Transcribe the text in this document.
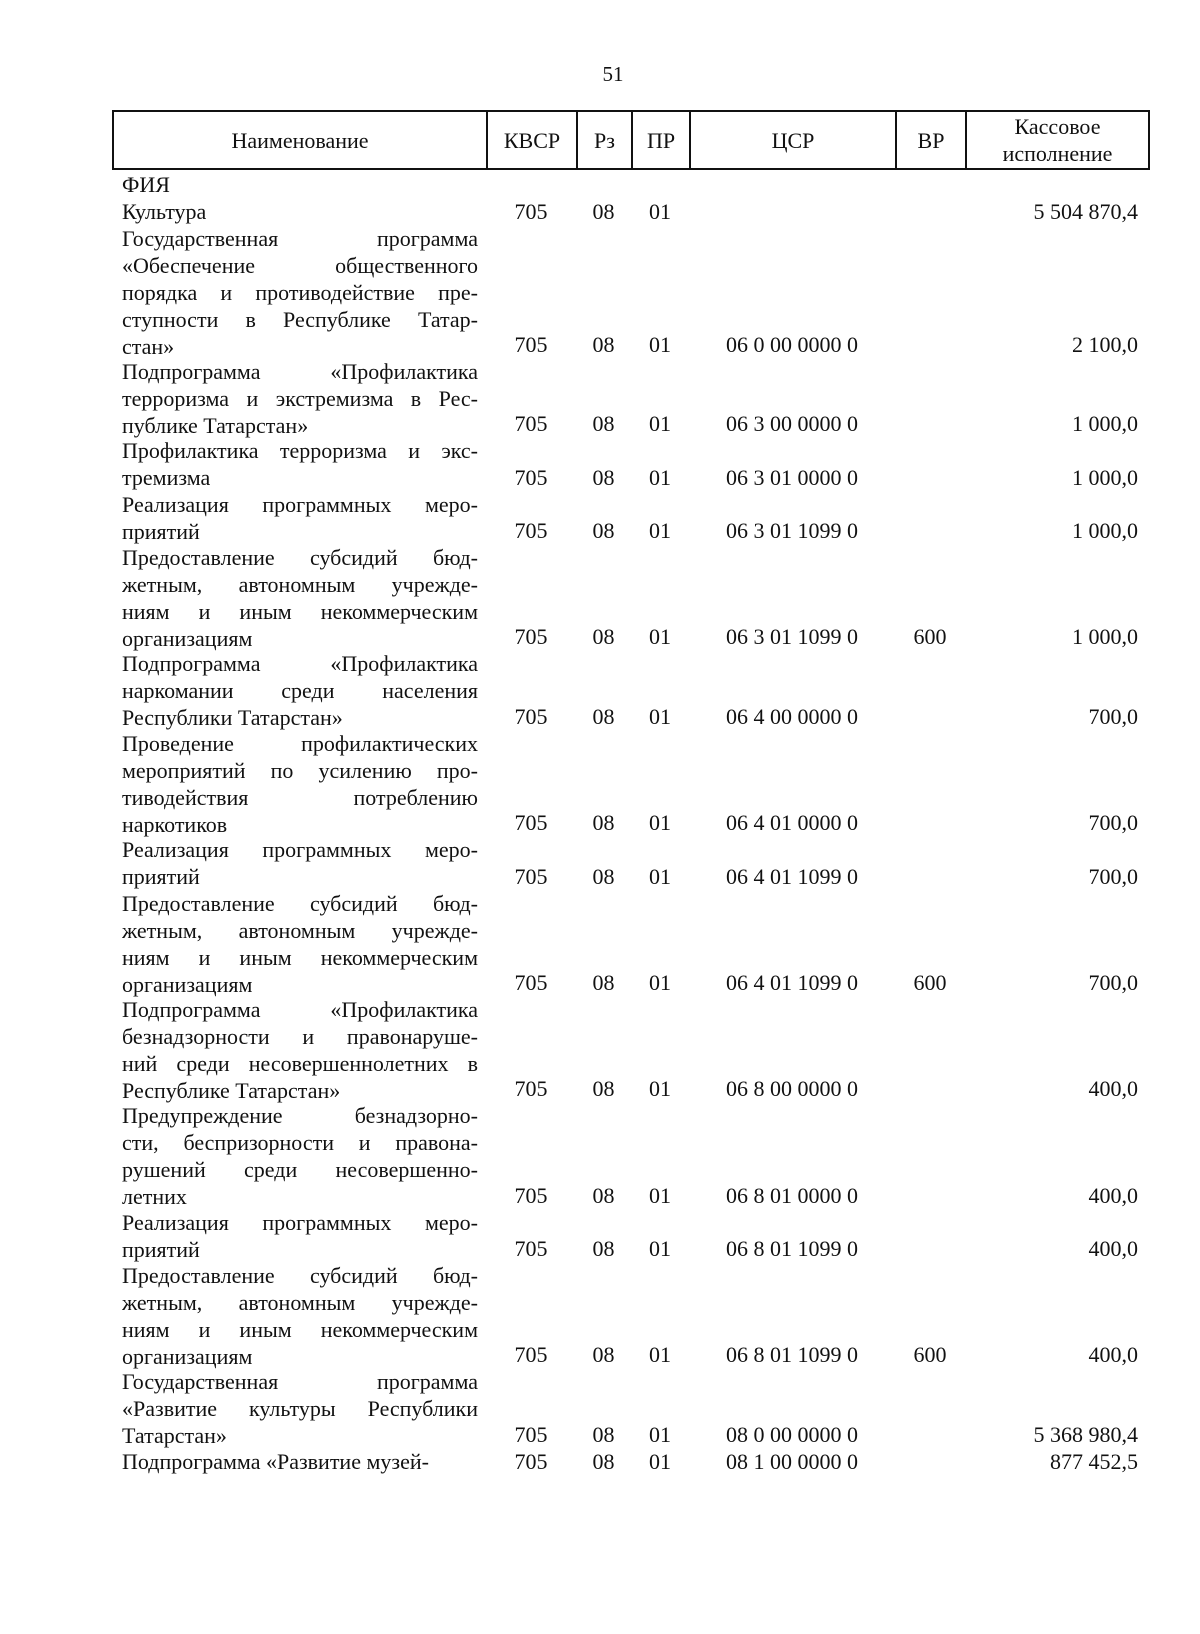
51
Наименование	КВСР	Рз	ПР	ЦСР	ВР	Кассовое
исполнение
ФИЯ
Культура	705	08	01	5 504 870,4
Государственная программа
«Обеспечение общественного
порядка и противодействие пре-
ступности в Республике Татар-
стан»	705	08	01	06 0 00 0000 0	2 100,0
Подпрограмма «Профилактика
терроризма и экстремизма в Рес-
публике Татарстан»	705	08	01	06 3 00 0000 0	1 000,0
Профилактика терроризма и экс-
тремизма	705	08	01	06 3 01 0000 0	1 000,0
Реализация программных меро-
приятий	705	08	01	06 3 01 1099 0	1 000,0
Предоставление субсидий бюд-
жетным, автономным учрежде-
ниям и иным некоммерческим
организациям	705	08	01	06 3 01 1099 0	600	1 000,0
Подпрограмма «Профилактика
наркомании среди населения
Республики Татарстан»	705	08	01	06 4 00 0000 0	700,0
Проведение профилактических
мероприятий по усилению про-
тиводействия потреблению
наркотиков	705	08	01	06 4 01 0000 0	700,0
Реализация программных меро-
приятий	705	08	01	06 4 01 1099 0	700,0
Предоставление субсидий бюд-
жетным, автономным учрежде-
ниям и иным некоммерческим
организациям	705	08	01	06 4 01 1099 0	600	700,0
Подпрограмма «Профилактика
безнадзорности и правонаруше-
ний среди несовершеннолетних в
Республике Татарстан»	705	08	01	06 8 00 0000 0	400,0
Предупреждение безнадзорно-
сти, беспризорности и правона-
рушений среди несовершенно-
летних	705	08	01	06 8 01 0000 0	400,0
Реализация программных меро-
приятий	705	08	01	06 8 01 1099 0	400,0
Предоставление субсидий бюд-
жетным, автономным учрежде-
ниям и иным некоммерческим
организациям	705	08	01	06 8 01 1099 0	600	400,0
Государственная программа
«Развитие культуры Республики
Татарстан»	705	08	01	08 0 00 0000 0	5 368 980,4
Подпрограмма «Развитие музей-	705	08	01	08 1 00 0000 0	877 452,5
